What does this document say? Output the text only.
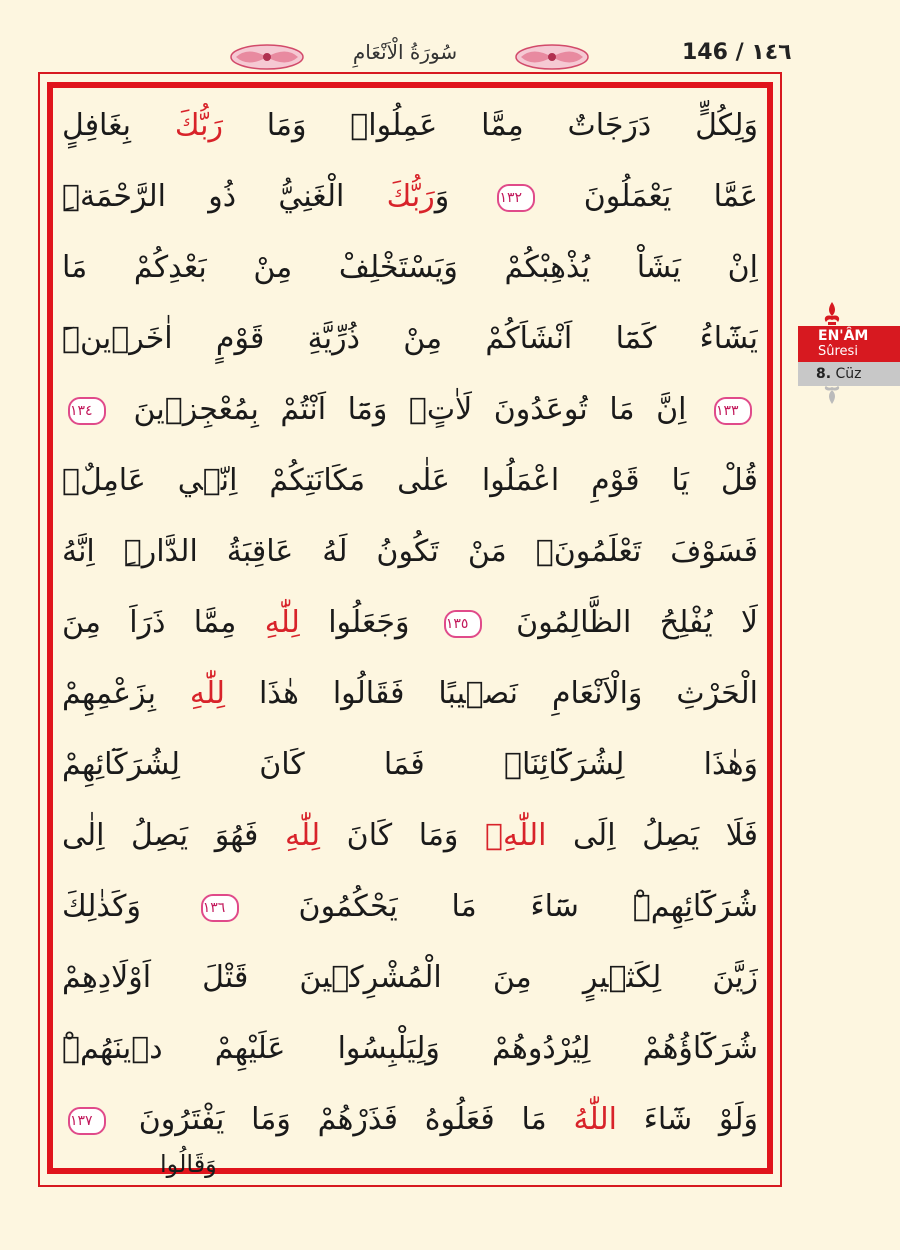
سُورَةُ الْاَنْعَامِ	146 / ١٤٦
وَلِكُلٍّ دَرَجَاتٌ مِمَّا عَمِلُواۜ وَمَا رَبُّكَ بِغَافِلٍ
عَمَّا يَعْمَلُونَ ١٣٢ وَرَبُّكَ الْغَنِيُّ ذُو الرَّحْمَةِۜ
اِنْ يَشَاْ يُذْهِبْكُمْ وَيَسْتَخْلِفْ مِنْ بَعْدِكُمْ مَا
يَشَٓاءُ كَمَٓا اَنْشَاَكُمْ مِنْ ذُرِّيَّةِ قَوْمٍ اٰخَرٖينَۜ
١٣٣ اِنَّ مَا تُوعَدُونَ لَاٰتٍۙ وَمَٓا اَنْتُمْ بِمُعْجِزٖينَ ١٣٤
قُلْ يَا قَوْمِ اعْمَلُوا عَلٰى مَكَانَتِكُمْ اِنّٖي عَامِلٌۚ
فَسَوْفَ تَعْلَمُونَۙ مَنْ تَكُونُ لَهُ عَاقِبَةُ الدَّارِۜ اِنَّهُ
لَا يُفْلِحُ الظَّالِمُونَ ١٣٥ وَجَعَلُوا لِلّٰهِ مِمَّا ذَرَاَ مِنَ
الْحَرْثِ وَالْاَنْعَامِ نَصٖيبًا فَقَالُوا هٰذَا لِلّٰهِ بِزَعْمِهِمْ
وَهٰذَا لِشُرَكَٓائِنَاۚ فَمَا كَانَ لِشُرَكَٓائِهِمْ
فَلَا يَصِلُ اِلَى اللّٰهِۚ وَمَا كَانَ لِلّٰهِ فَهُوَ يَصِلُ اِلٰى
شُرَكَٓائِهِمْۜ سَٓاءَ مَا يَحْكُمُونَ ١٣٦ وَكَذٰلِكَ
زَيَّنَ لِكَثٖيرٍ مِنَ الْمُشْرِكٖينَ قَتْلَ اَوْلَادِهِمْ
شُرَكَٓاؤُهُمْ لِيُرْدُوهُمْ وَلِيَلْبِسُوا عَلَيْهِمْ دٖينَهُمْۜ
وَلَوْ شَٓاءَ اللّٰهُ مَا فَعَلُوهُ فَذَرْهُمْ وَمَا يَفْتَرُونَ ١٣٧
وَقَالُوا
EN'ÂM
Sûresi
8. Cüz
